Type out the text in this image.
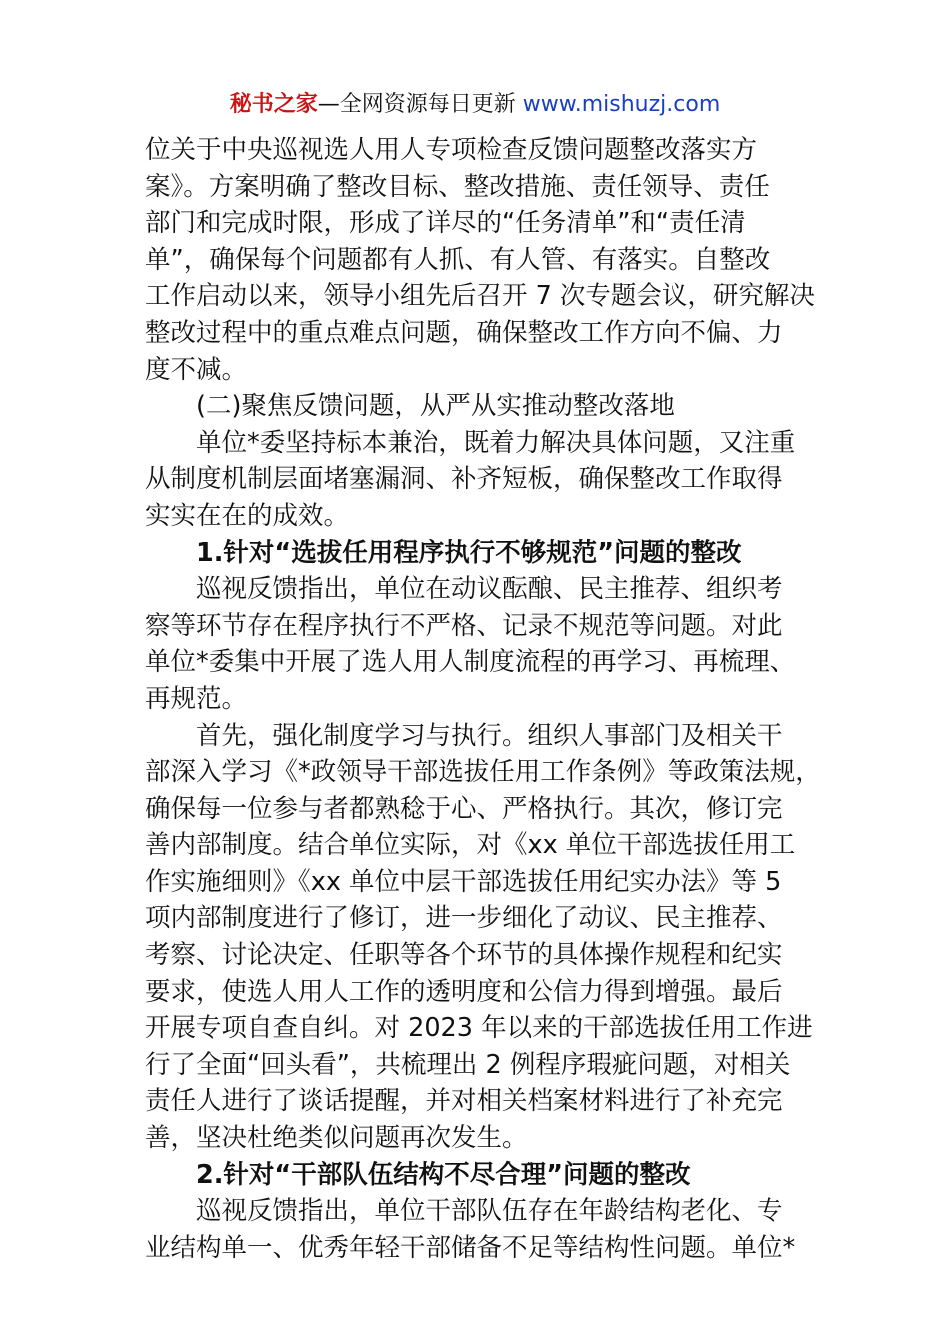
秘书之家—全网资源每日更新 www.mishuzj.com
位关于中央巡视选人用人专项检查反馈问题整改落实方
案》。方案明确了整改目标、整改措施、责任领导、责任
部门和完成时限，形成了详尽的“任务清单”和“责任清
单”，确保每个问题都有人抓、有人管、有落实。自整改
工作启动以来，领导小组先后召开 7 次专题会议，研究解决
整改过程中的重点难点问题，确保整改工作方向不偏、力
度不减。
(二)聚焦反馈问题，从严从实推动整改落地
单位*委坚持标本兼治，既着力解决具体问题，又注重
从制度机制层面堵塞漏洞、补齐短板，确保整改工作取得
实实在在的成效。
1.针对“选拔任用程序执行不够规范”问题的整改
巡视反馈指出，单位在动议酝酿、民主推荐、组织考
察等环节存在程序执行不严格、记录不规范等问题。对此
单位*委集中开展了选人用人制度流程的再学习、再梳理、
再规范。
首先，强化制度学习与执行。组织人事部门及相关干
部深入学习《*政领导干部选拔任用工作条例》等政策法规，
确保每一位参与者都熟稔于心、严格执行。其次，修订完
善内部制度。结合单位实际，对《xx 单位干部选拔任用工
作实施细则》《xx 单位中层干部选拔任用纪实办法》等 5
项内部制度进行了修订，进一步细化了动议、民主推荐、
考察、讨论决定、任职等各个环节的具体操作规程和纪实
要求，使选人用人工作的透明度和公信力得到增强。最后
开展专项自查自纠。对 2023 年以来的干部选拔任用工作进
行了全面“回头看”，共梳理出 2 例程序瑕疵问题，对相关
责任人进行了谈话提醒，并对相关档案材料进行了补充完
善，坚决杜绝类似问题再次发生。
2.针对“干部队伍结构不尽合理”问题的整改
巡视反馈指出，单位干部队伍存在年龄结构老化、专
业结构单一、优秀年轻干部储备不足等结构性问题。单位*
